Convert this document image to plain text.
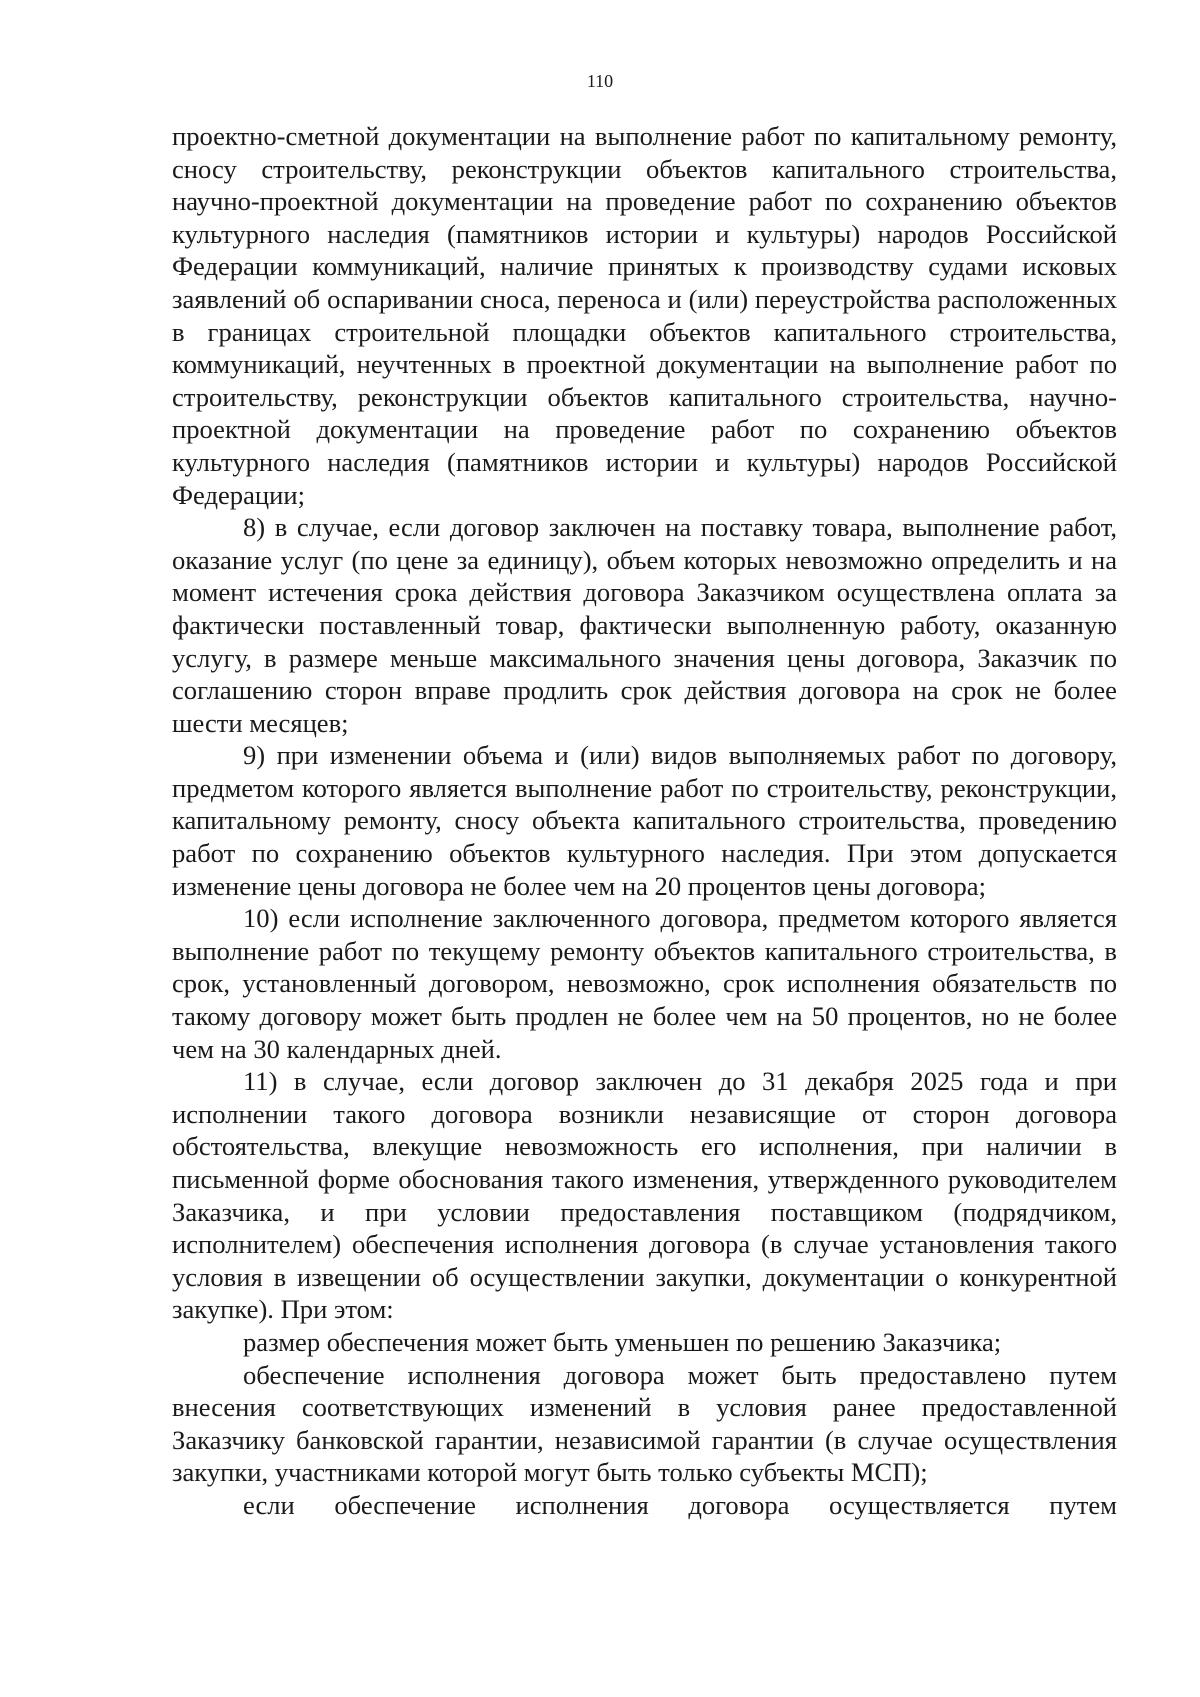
110

проектно-сметной документации на выполнение работ по капитальному ремонту, сносу строительству, реконструкции объектов капитального строительства, научно-проектной документации на проведение работ по сохранению объектов культурного наследия (памятников истории и культуры) народов Российской Федерации коммуникаций, наличие принятых к производству судами исковых заявлений об оспаривании сноса, переноса и (или) переустройства расположенных в границах строительной площадки объектов капитального строительства, коммуникаций, неучтенных в проектной документации на выполнение работ по строительству, реконструкции объектов капитального строительства, научно-проектной документации на проведение работ по сохранению объектов культурного наследия (памятников истории и культуры) народов Российской Федерации;

8) в случае, если договор заключен на поставку товара, выполнение работ, оказание услуг (по цене за единицу), объем которых невозможно определить и на момент истечения срока действия договора Заказчиком осуществлена оплата за фактически поставленный товар, фактически выполненную работу, оказанную услугу, в размере меньше максимального значения цены договора, Заказчик по соглашению сторон вправе продлить срок действия договора на срок не более шести месяцев;

9) при изменении объема и (или) видов выполняемых работ по договору, предметом которого является выполнение работ по строительству, реконструкции, капитальному ремонту, сносу объекта капитального строительства, проведению работ по сохранению объектов культурного наследия. При этом допускается изменение цены договора не более чем на 20 процентов цены договора;

10) если исполнение заключенного договора, предметом которого является выполнение работ по текущему ремонту объектов капитального строительства, в срок, установленный договором, невозможно, срок исполнения обязательств по такому договору может быть продлен не более чем на 50 процентов, но не более чем на 30 календарных дней.

11) в случае, если договор заключен до 31 декабря 2025 года и при исполнении такого договора возникли независящие от сторон договора обстоятельства, влекущие невозможность его исполнения, при наличии в письменной форме обоснования такого изменения, утвержденного руководителем Заказчика, и при условии предоставления поставщиком (подрядчиком, исполнителем) обеспечения исполнения договора (в случае установления такого условия в извещении об осуществлении закупки, документации о конкурентной закупке). При этом:

размер обеспечения может быть уменьшен по решению Заказчика;

обеспечение исполнения договора может быть предоставлено путем внесения соответствующих изменений в условия ранее предоставленной Заказчику банковской гарантии, независимой гарантии (в случае осуществления закупки, участниками которой могут быть только субъекты МСП);

если обеспечение исполнения договора осуществляется путем
